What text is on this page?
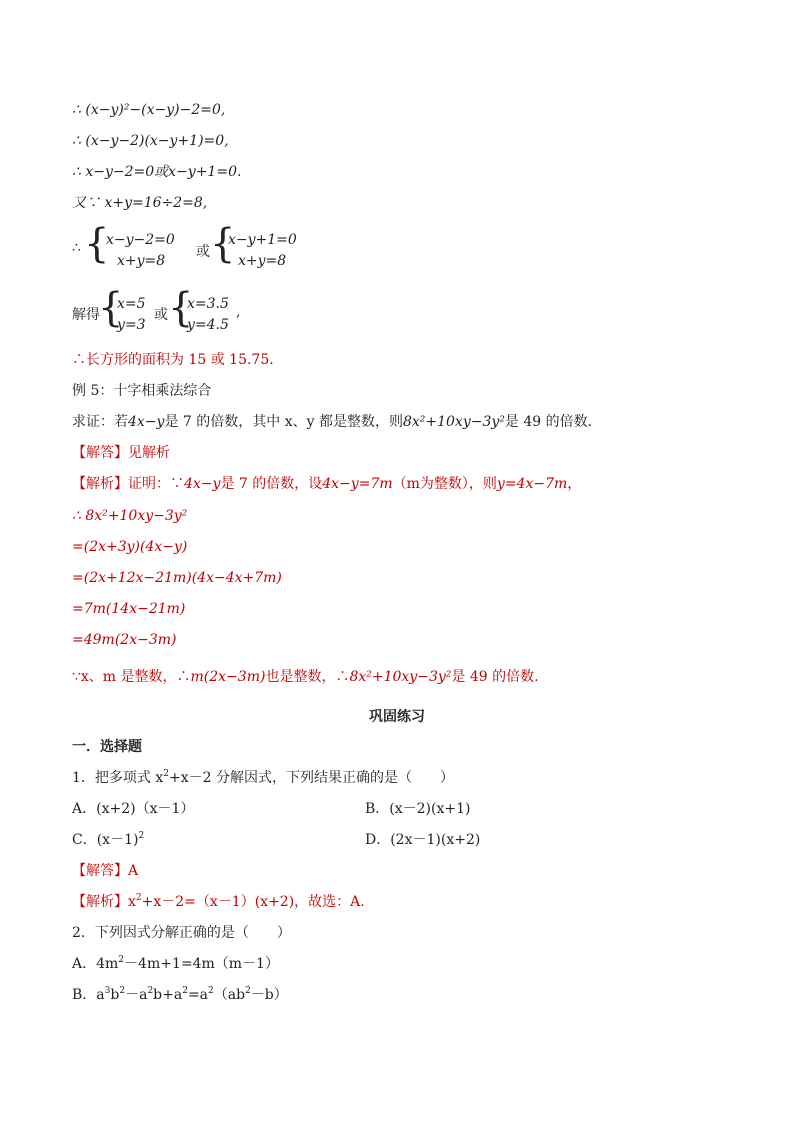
∴ (x−y)²−(x−y)−2=0,
∴ (x−y−2)(x−y+1)=0,
∴ x−y−2=0或x−y+1=0.
又∵ x+y=16÷2=8,
∴ {
x−y−2=0
x+y=8
或 {
x−y+1=0
x+y=8
解得
{
x=5
y=3
或 {
x=3.5
y=4.5
,
∴长方形的面积为 15 或 15.75.
例 5：十字相乘法综合
求证：若4x−y是 7 的倍数，其中 x、y 都是整数，则8x²+10xy−3y²是 49 的倍数.
【解答】见解析
【解析】证明：∵4x−y是 7 的倍数，设4x−y=7m（m为整数），则y=4x−7m，
∴ 8x²+10xy−3y²
=(2x+3y)(4x−y)
=(2x+12x−21m)(4x−4x+7m)
=7m(14x−21m)
=49m(2x−3m)
∵x、m 是整数，∴m(2x−3m)也是整数，∴8x²+10xy−3y²是 49 的倍数.
巩固练习
一．选择题
1．把多项式 $x^2+x-2$ 分解因式，下列结果正确的是（　　）
A．(x+2)（x－1）	B．(x－2)(x+1)
C．$(x-1)^2$	D．(2x－1)(x+2)
【解答】A
【解析】$x^2+x-2=(x-1)(x+2)$，故选：A.
2．下列因式分解正确的是（　　）
A．$4m^2-4m+1=4m(m-1)$
B．$a^3b^2-a^2b+a^2=a^2(ab^2-b)$
